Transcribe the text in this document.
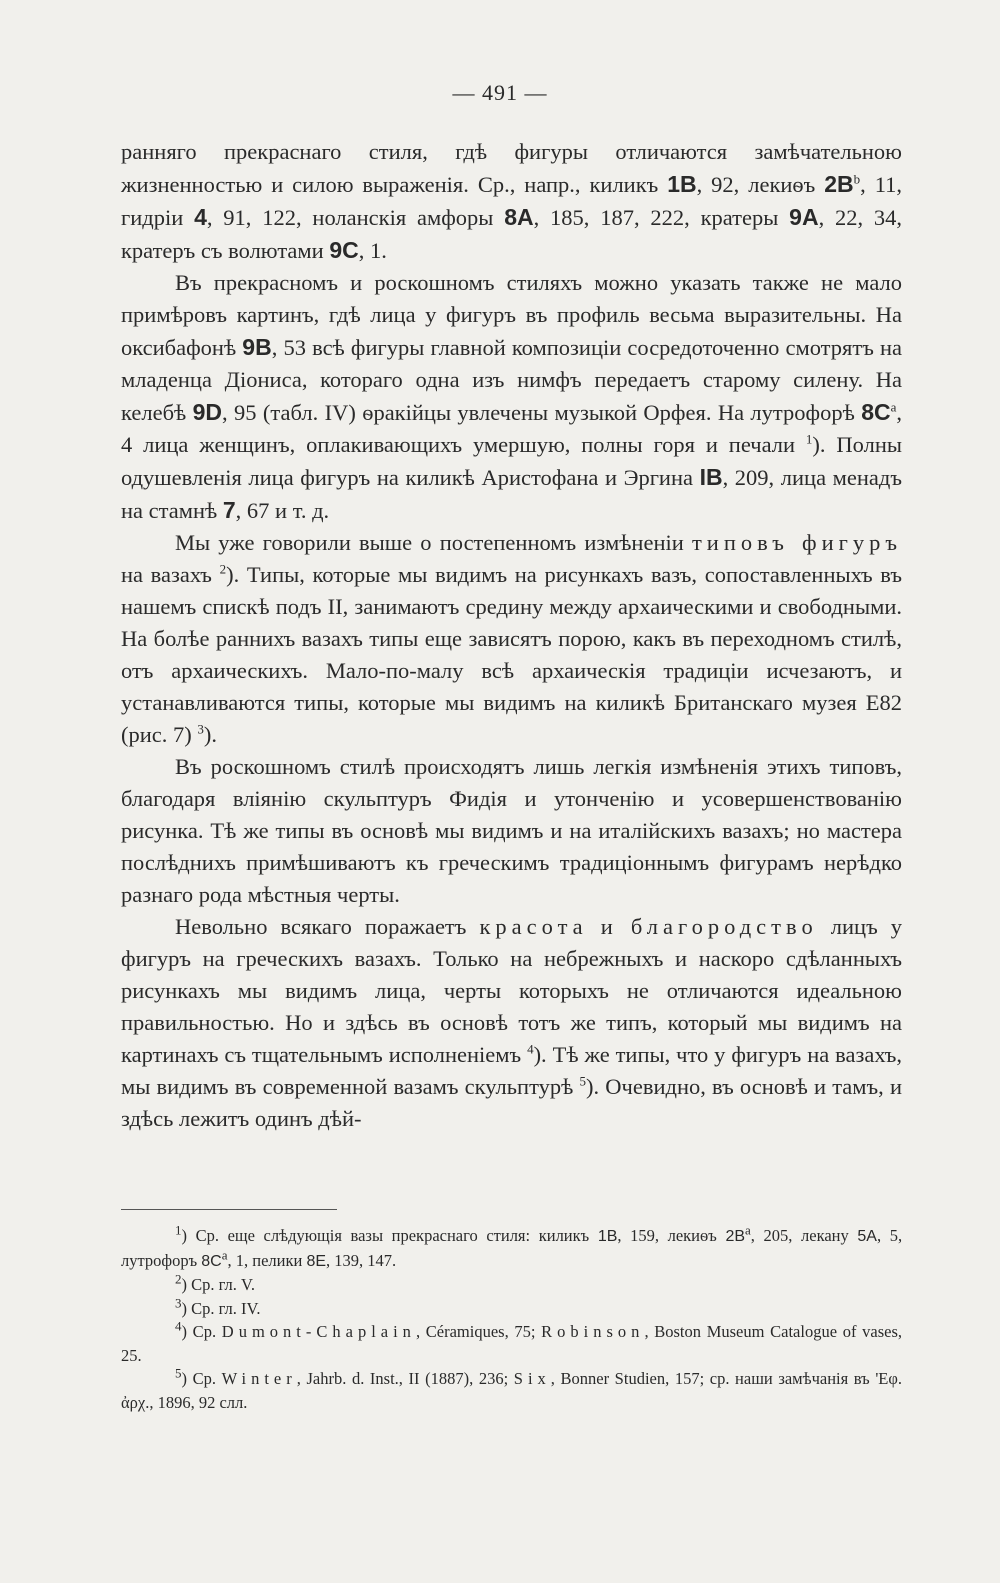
— 491 —

ранняго прекраснаго стиля, гдѣ фигуры отличаются замѣчательною жизненностью и силою выраженія. Ср., напр., киликъ 1B, 92, лекиѳъ $2B^b$, 11, гидріи 4, 91, 122, ноланскія амфоры 8A, 185, 187, 222, кратеры 9A, 22, 34, кратеръ съ волютами 9C, 1.

Въ прекрасномъ и роскошномъ стиляхъ можно указать также не мало примѣровъ картинъ, гдѣ лица у фигуръ въ профиль весьма выразительны. На оксибафонѣ 9B, 53 всѣ фигуры главной композиціи сосредоточенно смотрятъ на младенца Діониса, котораго одна изъ нимфъ передаетъ старому силену. На келебѣ 9D, 95 (табл. IV) ѳракійцы увлечены музыкой Орфея. На лутрофорѣ $8C^a$, 4 лица женщинъ, оплакивающихъ умершую, полны горя и печали $^1$). Полны одушевленія лица фигуръ на киликѣ Аристофана и Эргина IB, 209, лица менадъ на стамнѣ 7, 67 и т. д.

Мы уже говорили выше о постепенномъ измѣненіи типовъ фигуръ на вазахъ $^2$). Типы, которые мы видимъ на рисункахъ вазъ, сопоставленныхъ въ нашемъ спискѣ подъ II, занимаютъ средину между архаическими и свободными. На болѣе раннихъ вазахъ типы еще зависятъ порою, какъ въ переходномъ стилѣ, отъ архаическихъ. Мало-по-малу всѣ архаическія традиціи исчезаютъ, и устанавливаются типы, которые мы видимъ на киликѣ Британскаго музея E82 (рис. 7) $^3$).

Въ роскошномъ стилѣ происходятъ лишь легкія измѣненія этихъ типовъ, благодаря вліянію скульптуръ Фидія и утонченію и усовершенствованію рисунка. Тѣ же типы въ основѣ мы видимъ и на италійскихъ вазахъ; но мастера послѣднихъ примѣшиваютъ къ греческимъ традиціоннымъ фигурамъ нерѣдко разнаго рода мѣстныя черты.

Невольно всякаго поражаетъ красота и благородство лицъ у фигуръ на греческихъ вазахъ. Только на небрежныхъ и наскоро сдѣланныхъ рисункахъ мы видимъ лица, черты которыхъ не отличаются идеальною правильностью. Но и здѣсь въ основѣ тотъ же типъ, который мы видимъ на картинахъ съ тщательнымъ исполненіемъ $^4$). Тѣ же типы, что у фигуръ на вазахъ, мы видимъ въ современной вазамъ скульптурѣ $^5$). Очевидно, въ основѣ и тамъ, и здѣсь лежитъ одинъ дѣй-

$^1$) Ср. еще слѣдующія вазы прекраснаго стиля: киликъ 1B, 159, лекиѳъ $2B^a$, 205, лекану 5A, 5, лутрофоръ $8C^a$, 1, пелики 8E, 139, 147.

$^2$) Ср. гл. V.

$^3$) Ср. гл. IV.

$^4$) Ср. Dumont-Chaplain, Céramiques, 75; Robinson, Boston Museum Catalogue of vases, 25.

$^5$) Ср. Winter, Jahrb. d. Inst., II (1887), 236; Six, Bonner Studien, 157; ср. наши замѣчанія въ 'Εφ. ἀρχ., 1896, 92 слл.
